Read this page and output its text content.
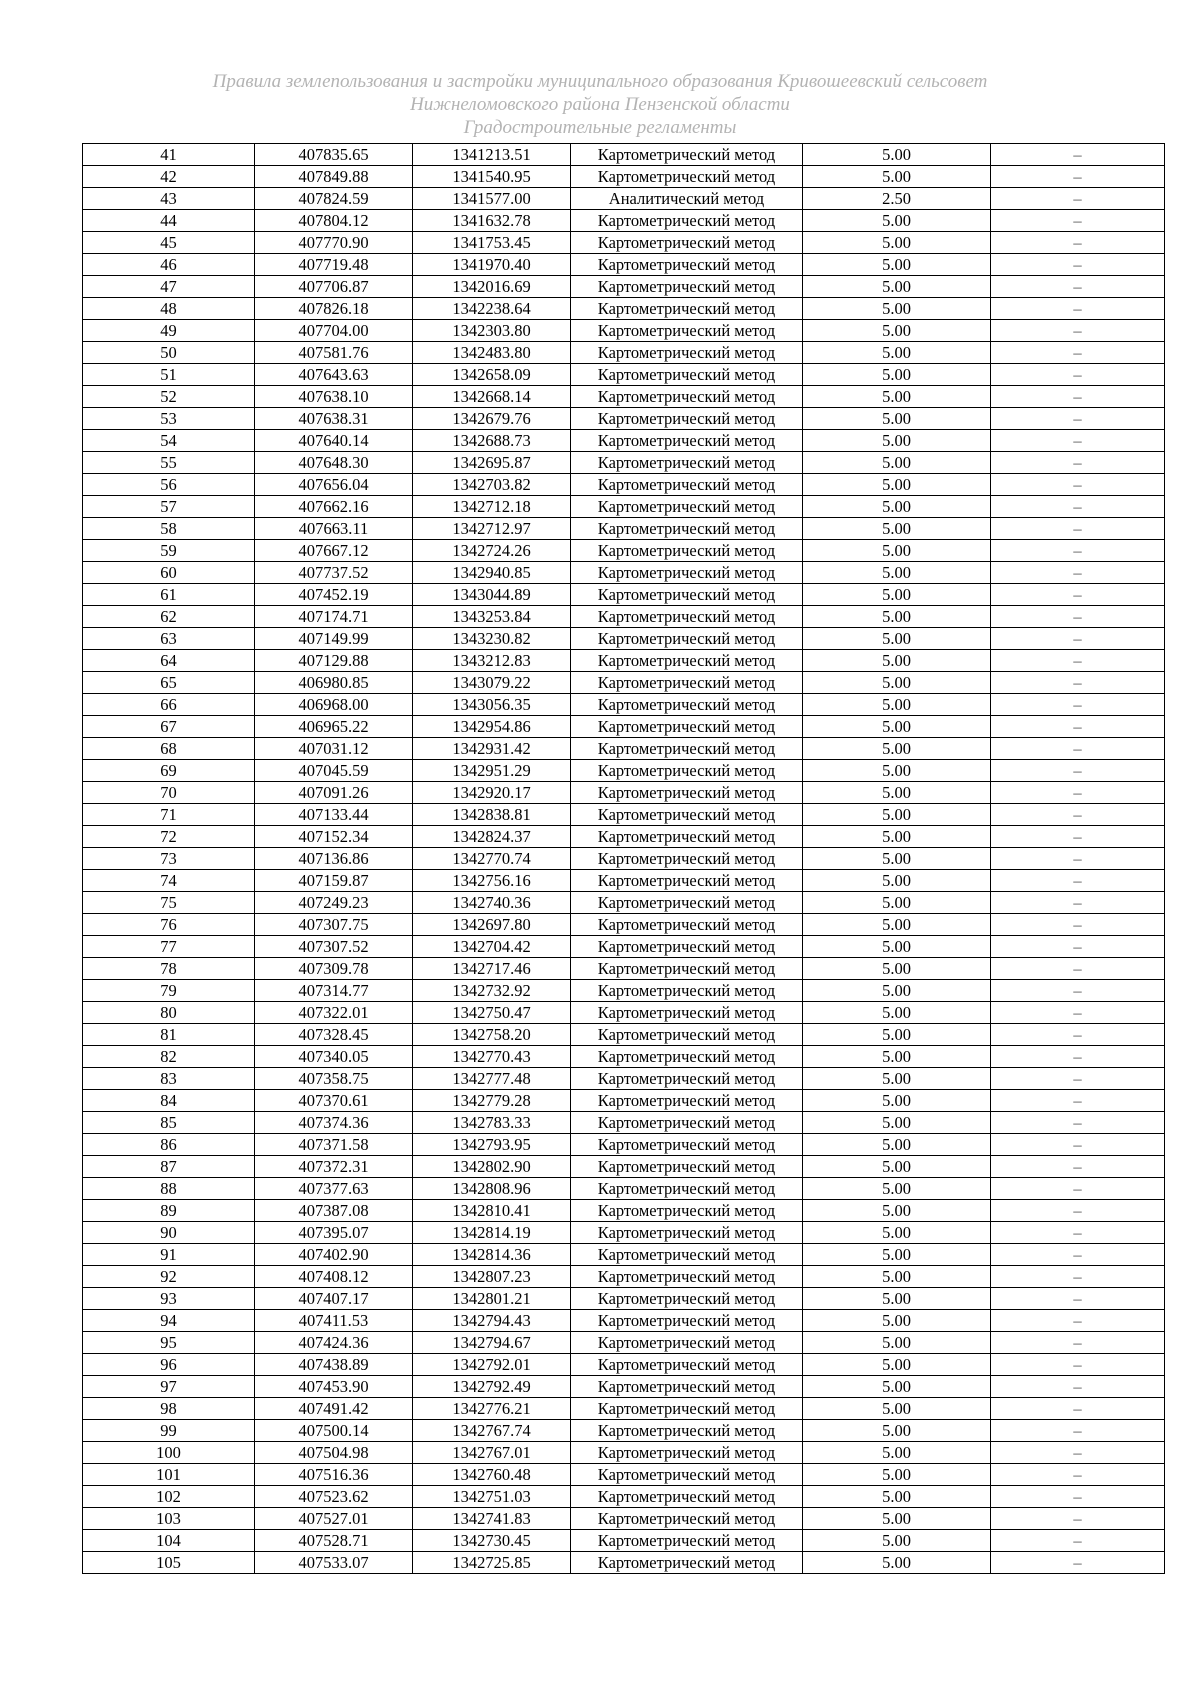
Правила землепользования и застройки муниципального образования Кривошеевский сельсовет
Нижнеломовского района Пензенской области
Градостроительные регламенты
41	407835.65	1341213.51	Картометрический метод	5.00	–
42	407849.88	1341540.95	Картометрический метод	5.00	–
43	407824.59	1341577.00	Аналитический метод	2.50	–
44	407804.12	1341632.78	Картометрический метод	5.00	–
45	407770.90	1341753.45	Картометрический метод	5.00	–
46	407719.48	1341970.40	Картометрический метод	5.00	–
47	407706.87	1342016.69	Картометрический метод	5.00	–
48	407826.18	1342238.64	Картометрический метод	5.00	–
49	407704.00	1342303.80	Картометрический метод	5.00	–
50	407581.76	1342483.80	Картометрический метод	5.00	–
51	407643.63	1342658.09	Картометрический метод	5.00	–
52	407638.10	1342668.14	Картометрический метод	5.00	–
53	407638.31	1342679.76	Картометрический метод	5.00	–
54	407640.14	1342688.73	Картометрический метод	5.00	–
55	407648.30	1342695.87	Картометрический метод	5.00	–
56	407656.04	1342703.82	Картометрический метод	5.00	–
57	407662.16	1342712.18	Картометрический метод	5.00	–
58	407663.11	1342712.97	Картометрический метод	5.00	–
59	407667.12	1342724.26	Картометрический метод	5.00	–
60	407737.52	1342940.85	Картометрический метод	5.00	–
61	407452.19	1343044.89	Картометрический метод	5.00	–
62	407174.71	1343253.84	Картометрический метод	5.00	–
63	407149.99	1343230.82	Картометрический метод	5.00	–
64	407129.88	1343212.83	Картометрический метод	5.00	–
65	406980.85	1343079.22	Картометрический метод	5.00	–
66	406968.00	1343056.35	Картометрический метод	5.00	–
67	406965.22	1342954.86	Картометрический метод	5.00	–
68	407031.12	1342931.42	Картометрический метод	5.00	–
69	407045.59	1342951.29	Картометрический метод	5.00	–
70	407091.26	1342920.17	Картометрический метод	5.00	–
71	407133.44	1342838.81	Картометрический метод	5.00	–
72	407152.34	1342824.37	Картометрический метод	5.00	–
73	407136.86	1342770.74	Картометрический метод	5.00	–
74	407159.87	1342756.16	Картометрический метод	5.00	–
75	407249.23	1342740.36	Картометрический метод	5.00	–
76	407307.75	1342697.80	Картометрический метод	5.00	–
77	407307.52	1342704.42	Картометрический метод	5.00	–
78	407309.78	1342717.46	Картометрический метод	5.00	–
79	407314.77	1342732.92	Картометрический метод	5.00	–
80	407322.01	1342750.47	Картометрический метод	5.00	–
81	407328.45	1342758.20	Картометрический метод	5.00	–
82	407340.05	1342770.43	Картометрический метод	5.00	–
83	407358.75	1342777.48	Картометрический метод	5.00	–
84	407370.61	1342779.28	Картометрический метод	5.00	–
85	407374.36	1342783.33	Картометрический метод	5.00	–
86	407371.58	1342793.95	Картометрический метод	5.00	–
87	407372.31	1342802.90	Картометрический метод	5.00	–
88	407377.63	1342808.96	Картометрический метод	5.00	–
89	407387.08	1342810.41	Картометрический метод	5.00	–
90	407395.07	1342814.19	Картометрический метод	5.00	–
91	407402.90	1342814.36	Картометрический метод	5.00	–
92	407408.12	1342807.23	Картометрический метод	5.00	–
93	407407.17	1342801.21	Картометрический метод	5.00	–
94	407411.53	1342794.43	Картометрический метод	5.00	–
95	407424.36	1342794.67	Картометрический метод	5.00	–
96	407438.89	1342792.01	Картометрический метод	5.00	–
97	407453.90	1342792.49	Картометрический метод	5.00	–
98	407491.42	1342776.21	Картометрический метод	5.00	–
99	407500.14	1342767.74	Картометрический метод	5.00	–
100	407504.98	1342767.01	Картометрический метод	5.00	–
101	407516.36	1342760.48	Картометрический метод	5.00	–
102	407523.62	1342751.03	Картометрический метод	5.00	–
103	407527.01	1342741.83	Картометрический метод	5.00	–
104	407528.71	1342730.45	Картометрический метод	5.00	–
105	407533.07	1342725.85	Картометрический метод	5.00	–
